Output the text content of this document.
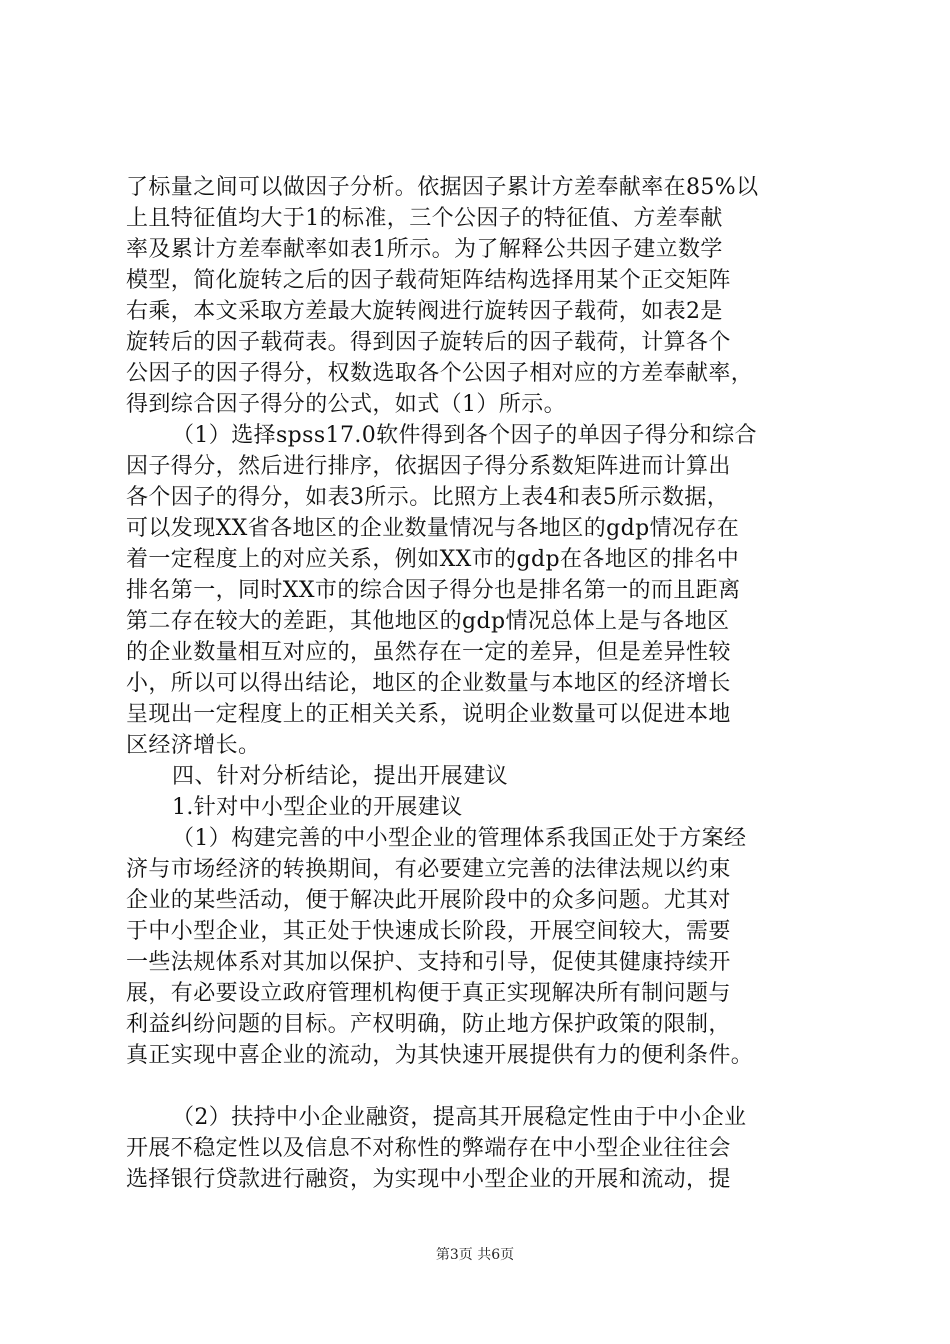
了标量之间可以做因子分析。依据因子累计方差奉献率在85%以
上且特征值均大于1的标准，三个公因子的特征值、方差奉献
率及累计方差奉献率如表1所示。为了解释公共因子建立数学
模型，简化旋转之后的因子载荷矩阵结构选择用某个正交矩阵
右乘，本文采取方差最大旋转阀进行旋转因子载荷，如表2是
旋转后的因子载荷表。得到因子旋转后的因子载荷，计算各个
公因子的因子得分，权数选取各个公因子相对应的方差奉献率，
得到综合因子得分的公式，如式（1）所示。
（1）选择spss17.0软件得到各个因子的单因子得分和综合
因子得分，然后进行排序，依据因子得分系数矩阵进而计算出
各个因子的得分，如表3所示。比照方上表4和表5所示数据，
可以发现XX省各地区的企业数量情况与各地区的gdp情况存在
着一定程度上的对应关系，例如XX市的gdp在各地区的排名中
排名第一，同时XX市的综合因子得分也是排名第一的而且距离
第二存在较大的差距，其他地区的gdp情况总体上是与各地区
的企业数量相互对应的，虽然存在一定的差异，但是差异性较
小，所以可以得出结论，地区的企业数量与本地区的经济增长
呈现出一定程度上的正相关关系，说明企业数量可以促进本地
区经济增长。
四、针对分析结论，提出开展建议
1.针对中小型企业的开展建议
（1）构建完善的中小型企业的管理体系我国正处于方案经
济与市场经济的转换期间，有必要建立完善的法律法规以约束
企业的某些活动，便于解决此开展阶段中的众多问题。尤其对
于中小型企业，其正处于快速成长阶段，开展空间较大，需要
一些法规体系对其加以保护、支持和引导，促使其健康持续开
展，有必要设立政府管理机构便于真正实现解决所有制问题与
利益纠纷问题的目标。产权明确，防止地方保护政策的限制，
真正实现中喜企业的流动，为其快速开展提供有力的便利条件。
（2）扶持中小企业融资，提高其开展稳定性由于中小企业
开展不稳定性以及信息不对称性的弊端存在中小型企业往往会
选择银行贷款进行融资，为实现中小型企业的开展和流动，提
第3页 共6页
